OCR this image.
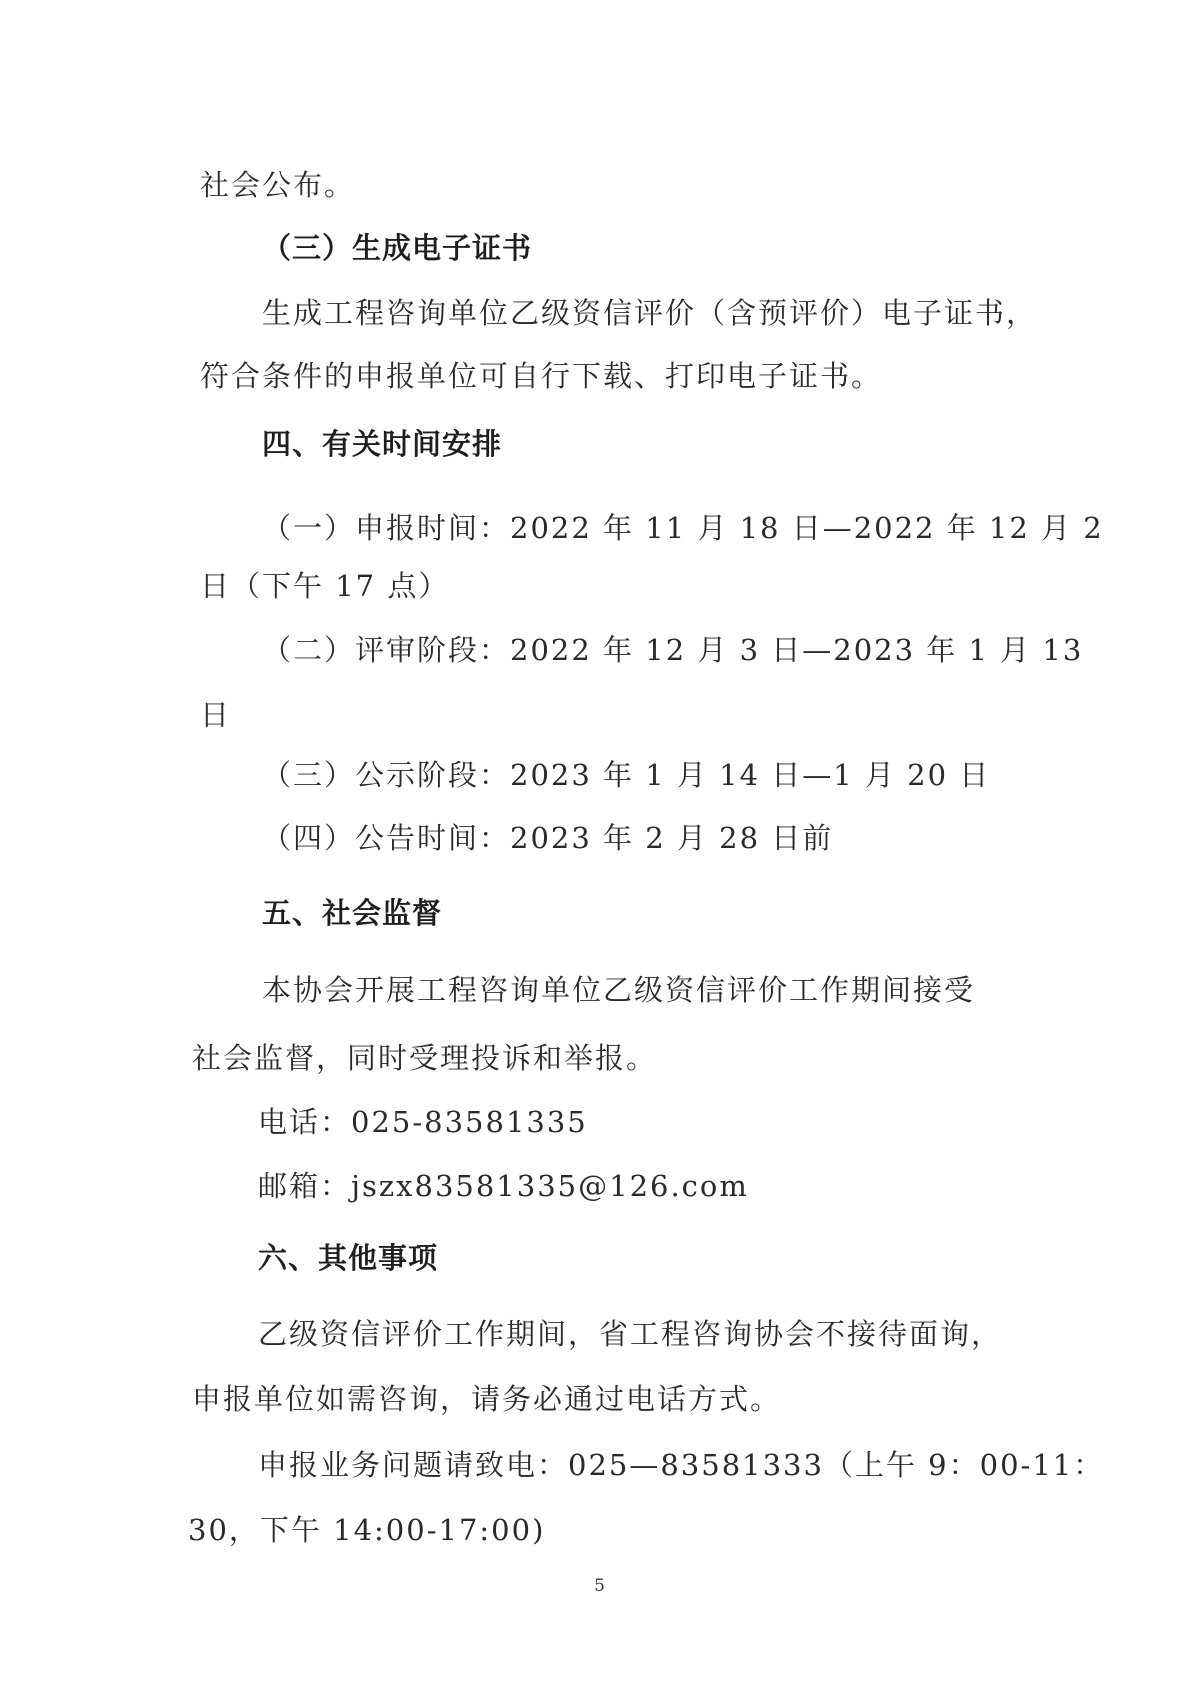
社会公布。
（三）生成电子证书
生成工程咨询单位乙级资信评价（含预评价）电子证书，
符合条件的申报单位可自行下载、打印电子证书。
四、有关时间安排
（一）申报时间：2022 年 11 月 18 日—2022 年 12 月 2
日（下午 17 点）
（二）评审阶段：2022 年 12 月 3 日—2023 年 1 月 13
日
（三）公示阶段：2023 年 1 月 14 日—1 月 20 日
（四）公告时间：2023 年 2 月 28 日前
五、社会监督
本协会开展工程咨询单位乙级资信评价工作期间接受
社会监督，同时受理投诉和举报。
电话：025-83581335
邮箱：jszx83581335@126.com
六、其他事项
乙级资信评价工作期间，省工程咨询协会不接待面询，
申报单位如需咨询，请务必通过电话方式。
申报业务问题请致电：025—83581333（上午 9：00-11：
30，下午 14:00-17:00)
5
